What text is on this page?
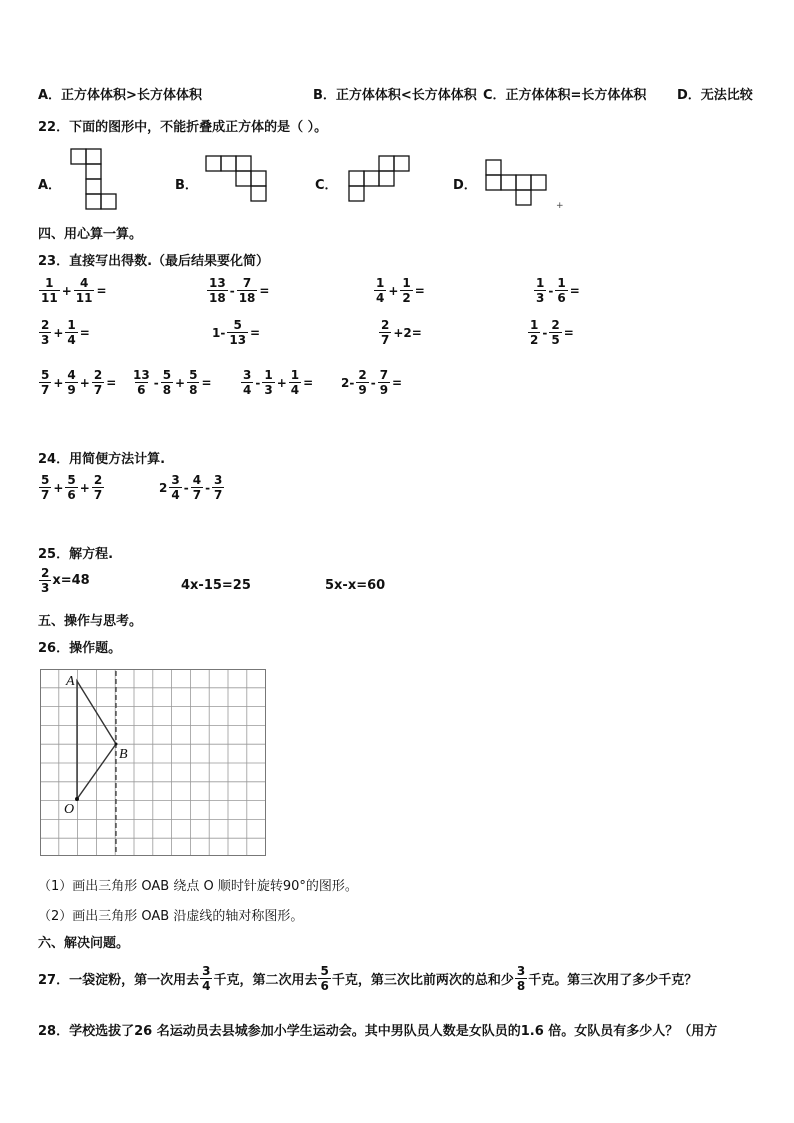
A．正方体体积>长方体体积	B．正方体体积<长方体体积 C．正方体体积=长方体体积 D．无法比较
22．下面的图形中，不能折叠成正方体的是（ ）。
A．	B．	C．	D．
+
四、用心算一算。
23．直接写出得数.（最后结果要化简）
$\frac{1}{11} + \frac{4}{11}$ =	$\frac{13}{18} - \frac{7}{18}$ =	$\frac{1}{4} + \frac{1}{2}$ =	$\frac{1}{3} - \frac{1}{6}$ =
$\frac{2}{3} + \frac{1}{4}$ =	$1- \frac{5}{13}$ =	$\frac{2}{7} +2=$	$\frac{1}{2} - \frac{2}{5}$ =
$\frac{5}{7} + \frac{4}{9} + \frac{2}{7} = \frac{13}{6} - \frac{5}{8} + \frac{5}{8} = \frac{3}{4} - \frac{1}{3} + \frac{1}{4} = 2- \frac{2}{9} - \frac{7}{9}$ =
24．用简便方法计算.
$\frac{5}{7} + \frac{5}{6} + \frac{2}{7}$	$2 \frac{3}{4} - \frac{4}{7} - \frac{3}{7}$
25．解方程.
$\frac{2}{3} x=48$	4x-15=25	5x-x=60
五、操作与思考。
26．操作题。
A
B
O
（1）画出三角形 OAB 绕点 O 顺时针旋转90°的图形。
（2）画出三角形 OAB 沿虚线的轴对称图形。
六、解决问题。
27．一袋淀粉，第一次用去 $\frac{3}{4}$ 千克，第二次用去 $\frac{5}{6}$ 千克，第三次比前两次的总和少 $\frac{3}{8}$ 千克。第三次用了多少千克？
28．学校选拔了26 名运动员去县城参加小学生运动会。其中男队员人数是女队员的1.6 倍。女队员有多少人？（用方
